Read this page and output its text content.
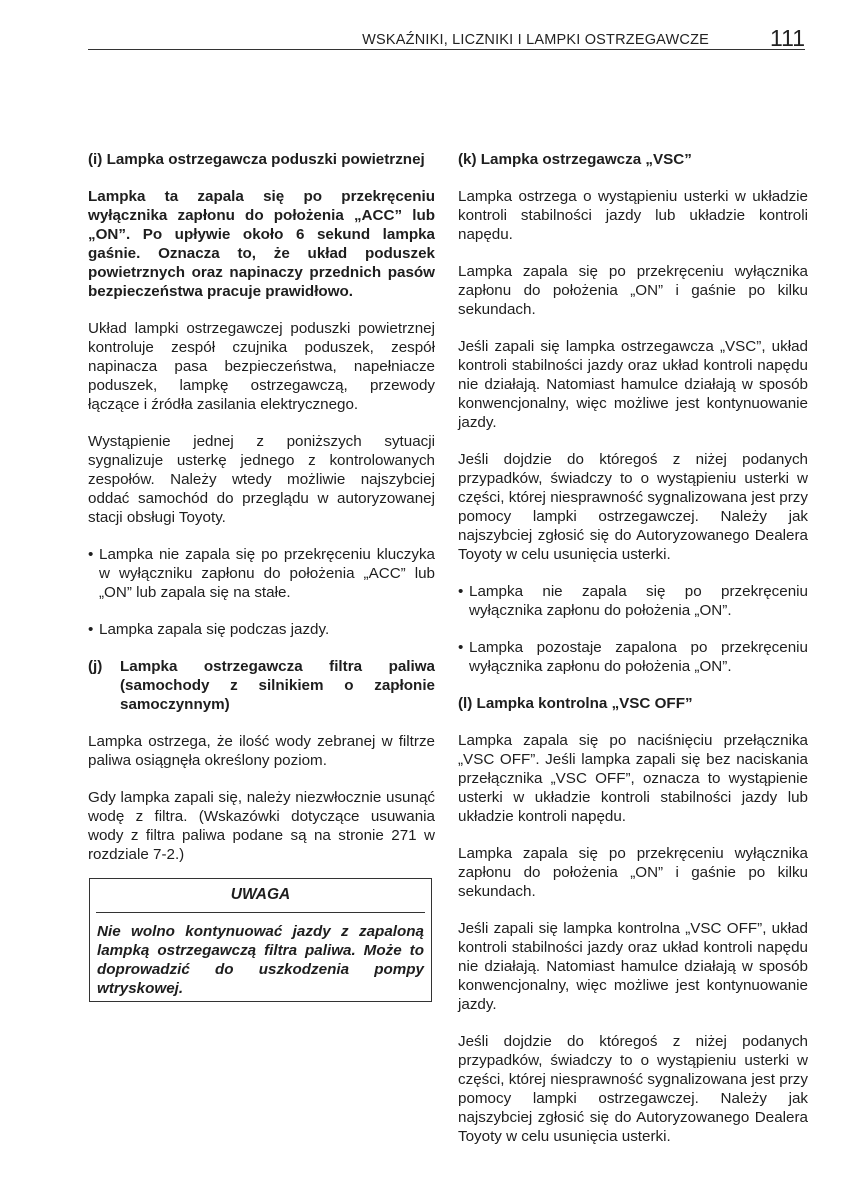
WSKAŹNIKI, LICZNIKI I LAMPKI OSTRZEGAWCZE	111
(i) Lampka ostrzegawcza poduszki powietrznej

Lampka ta zapala się po przekręceniu wyłącznika zapłonu do położenia „ACC” lub „ON”. Po upływie około 6 sekund lampka gaśnie. Oznacza to, że układ poduszek powietrznych oraz napinaczy przednich pasów bezpieczeństwa pracuje prawidłowo.

Układ lampki ostrzegawczej poduszki powietrznej kontroluje zespół czujnika poduszek, zespół napinacza pasa bezpieczeństwa, napełniacze poduszek, lampkę ostrzegawczą, przewody łączące i źródła zasilania elektrycznego.

Wystąpienie jednej z poniższych sytuacji sygnalizuje usterkę jednego z kontrolowanych zespołów. Należy wtedy możliwie najszybciej oddać samochód do przeglądu w autoryzowanej stacji obsługi Toyoty.

• Lampka nie zapala się po przekręceniu kluczyka w wyłączniku zapłonu do położenia „ACC” lub „ON” lub zapala się na stałe.
• Lampka zapala się podczas jazdy.
(j)	Lampka ostrzegawcza filtra paliwa (samochody z silnikiem o zapłonie samoczynnym)

Lampka ostrzega, że ilość wody zebranej w filtrze paliwa osiągnęła określony poziom.

Gdy lampka zapali się, należy niezwłocznie usunąć wodę z filtra. (Wskazówki dotyczące usuwania wody z filtra paliwa podane są na stronie 271 w rozdziale 7-2.)

UWAGA

Nie wolno kontynuować jazdy z zapaloną lampką ostrzegawczą filtra paliwa. Może to doprowadzić do uszkodzenia pompy wtryskowej.

(k) Lampka ostrzegawcza „VSC”

Lampka ostrzega o wystąpieniu usterki w układzie kontroli stabilności jazdy lub układzie kontroli napędu.

Lampka zapala się po przekręceniu wyłącznika zapłonu do położenia „ON” i gaśnie po kilku sekundach.

Jeśli zapali się lampka ostrzegawcza „VSC”, układ kontroli stabilności jazdy oraz układ kontroli napędu nie działają. Natomiast hamulce działają w sposób konwencjonalny, więc możliwe jest kontynuowanie jazdy.

Jeśli dojdzie do któregoś z niżej podanych przypadków, świadczy to o wystąpieniu usterki w części, której niesprawność sygnalizowana jest przy pomocy lampki ostrzegawczej. Należy jak najszybciej zgłosić się do Autoryzowanego Dealera Toyoty w celu usunięcia usterki.

• Lampka nie zapala się po przekręceniu wyłącznika zapłonu do położenia „ON”.
• Lampka pozostaje zapalona po przekręceniu wyłącznika zapłonu do położenia „ON”.

(l) Lampka kontrolna „VSC OFF”

Lampka zapala się po naciśnięciu przełącznika „VSC OFF”. Jeśli lampka zapali się bez naciskania przełącznika „VSC OFF”, oznacza to wystąpienie usterki w układzie kontroli stabilności jazdy lub układzie kontroli napędu.

Lampka zapala się po przekręceniu wyłącznika zapłonu do położenia „ON” i gaśnie po kilku sekundach.

Jeśli zapali się lampka kontrolna „VSC OFF”, układ kontroli stabilności jazdy oraz układ kontroli napędu nie działają. Natomiast hamulce działają w sposób konwencjonalny, więc możliwe jest kontynuowanie jazdy.

Jeśli dojdzie do któregoś z niżej podanych przypadków, świadczy to o wystąpieniu usterki w części, której niesprawność sygnalizowana jest przy pomocy lampki ostrzegawczej. Należy jak najszybciej zgłosić się do Autoryzowanego Dealera Toyoty w celu usunięcia usterki.
